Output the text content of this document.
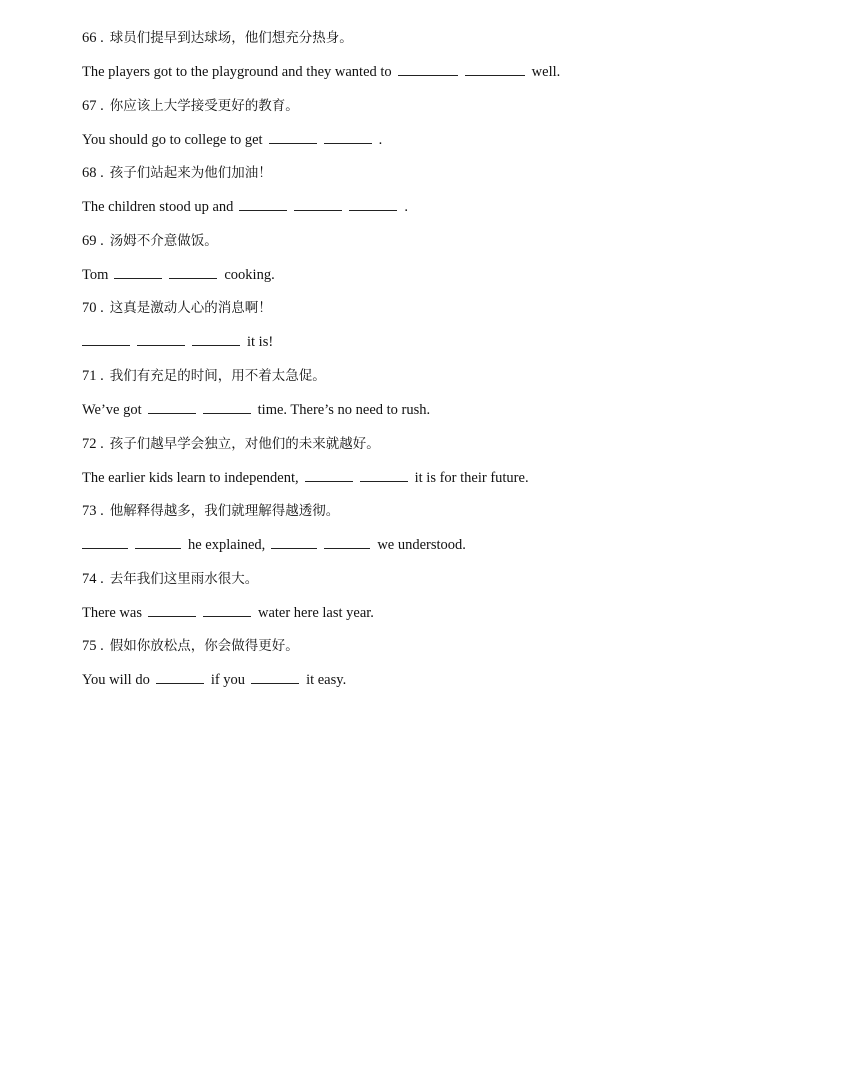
66 . 球员们提早到达球场，他们想充分热身。
The players got to the playground and they wanted to	well.
67 . 你应该上大学接受更好的教育。
You should go to college to get	.
68 . 孩子们站起来为他们加油！
The children stood up and	.
69 . 汤姆不介意做饭。
Tom	cooking.
70 . 这真是激动人心的消息啊！
it is!
71 . 我们有充足的时间，用不着太急促。
We’ve got	time. There’s no need to rush.
72 . 孩子们越早学会独立，对他们的未来就越好。
The earlier kids learn to independent,	it is for their future.
73 . 他解释得越多，我们就理解得越透彻。
he explained,	we understood.
74 . 去年我们这里雨水很大。
There was	water here last year.
75 . 假如你放松点，你会做得更好。
You will do	if you	it easy.
